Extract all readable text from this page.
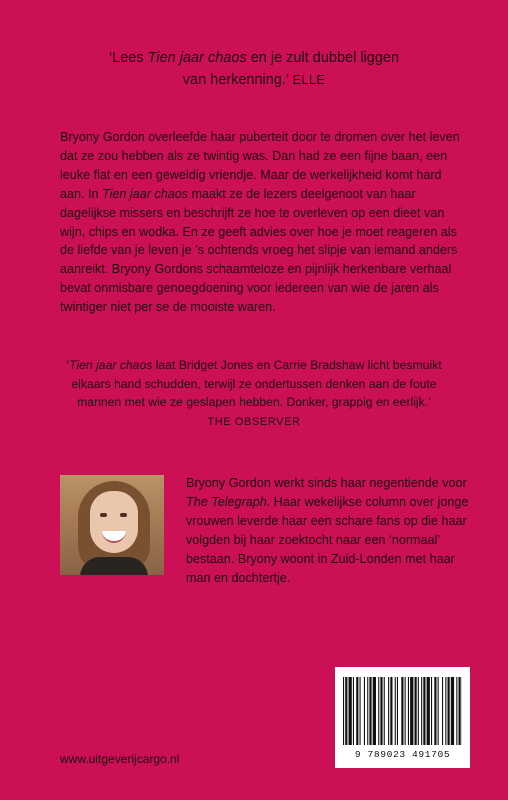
‘Lees Tien jaar chaos en je zult dubbel liggen
van herkenning.’ ELLE
Bryony Gordon overleefde haar puberteit door te dromen over het leven dat ze zou hebben als ze twintig was. Dan had ze een fijne baan, een leuke flat en een geweldig vriendje. Maar de werkelijkheid komt hard aan. In Tien jaar chaos maakt ze de lezers deelgenoot van haar dagelijkse missers en beschrijft ze hoe te overleven op een dieet van wijn, chips en wodka. En ze geeft advies over hoe je moet reageren als de liefde van je leven je ’s ochtends vroeg het slipje van iemand anders aanreikt. Bryony Gordons schaamteloze en pijnlijk herkenbare verhaal bevat onmisbare genoegdoening voor iedereen van wie de jaren als twintiger niet per se de mooiste waren.
‘Tien jaar chaos laat Bridget Jones en Carrie Bradshaw licht besmuikt elkaars hand schudden, terwijl ze ondertussen denken aan de foute mannen met wie ze geslapen hebben. Donker, grappig en eerlijk.’
THE OBSERVER
Bryony Gordon werkt sinds haar negentiende voor The Telegraph. Haar wekelijkse column over jonge vrouwen leverde haar een schare fans op die haar volgden bij haar zoektocht naar een ‘normaal’ bestaan. Bryony woont in Zuid-Londen met haar man en dochtertje.
9 789023 491705
www.uitgeverijcargo.nl
